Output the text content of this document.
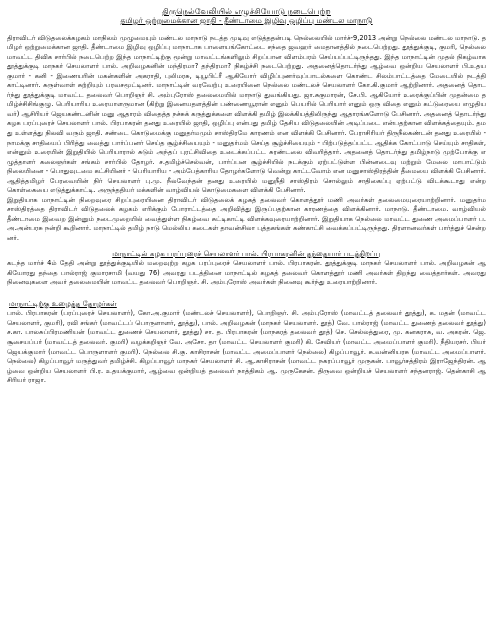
திருநெல்வேலியில் எழுச்சியோடு நடைபெற்ற
தமிழர் ஒற்றுமைக்கான ஜாதி - தீண்டாமை இழிவு ஒழிப்பு மண்டல மாநாடு

திராவிடர் விடுதலைக்கழகம் மாநிலம் முழுமையும் மண்டல மாநாடு நடத்த முடிவு எடுத்ததன்படி நெல்லையில் மார்ச்-9,2013 அன்று நெல்லை மண்டல மாநாடு. தமிழர் ஒற்றுமைக்கான ஜாதி. தீண்டாமை இழிவு ஒழிப்பு மாநாடாக பாளையங்கோட்டை சந்தை ஜவஹர் மைதானத்தில் நடைபெற்றது. தூத்துக்குடி, குமரி, நெல்லை மாவட்ட திவிக சார்பில் நடைபெற்ற இந்த மாநாட்டிற்கு மூன்று மாவட்டங்களிலும் சிறப்பான விளம்பரம் செய்யப்பட்டிருந்தது. இந்த மாநாட்டின் முதல் நிகழ்வாக தூத்துக்குடி மாநகர் செயலாளர் பால். அறிவழகனின் மந்திரமா? தந்திரமா? நிகழ்ச்சி நடைபெற்றது. அதனைத்தொடர்ந்து ஆழ்வை ஒன்றிய செயலாளர் பி.உதயகுமார் - கனி - இணையரின் மகன்களின் அகராதி, புலிமரசு, டியூபிட்ரீ ஆகியோர் விழிப்புணர்வுப்பாடல்களை கொண்ட சிலம்பாட்டத்தை மேடையில் நடத்தி காட்டினார். சுருள்வாள் சுற்றியும் பரவசமூட்டினர். மாநாட்டின் வரவேற்பு உரையினை நெல்லை மண்டலச் செயலாளர் கோ.கி.குமார் ஆற்றினார். அதனைத் தொடர்ந்து தூத்துக்குடி மாவட்ட தலைவர் பொறிஞர் சி. அம்புரோஸ் தலைமையில் மாநாடு துவங்கியது. ஜா.சுகுமாரன், சே.பி. ஆகியோர் உரைக்குப்பின் முதன்மை தமிழ்ச்சிசிங்குழு. பெரியாரிய உரையாளருமான (கிற்று இனையதளத்தின் பண்ணையூரான் எனும் பெயரில் பெரியார் எனும் ஒரு விதை எனும் கட்டுரையை எழுதியவர்) ஆசிரியர் ஜெயகண்டனின் மனு ஆதாரம் விதைத்த நச்சுக் கருத்துக்களை விளக்கி தமிழ் இலக்கியத்திலிருந்து ஆதாரங்களோடு பேசினார். அதனைத் தொடர்ந்து கழக பரப்புரைச் செயலாளர் பால். பிரபாகரன் தனது உரையில் ஜாதி, ஒழிப்பு என்பது தமிழ் தேசிய விடுதலையின் அடிப்படை என்பதற்கான விளக்கத்தையும். தமது உள்ளத்து நிலவி வரும் ஜாதி. சண்டை கொடுமைக்கு மனுதர்மமும் சாஸ்திரமே காரணம் என விளக்கி பேசினார். பேராசிரியர் திருநீலகண்டன் தனது உரையில் - நாமக்கு சாதியைப் பிரித்து வைத்து பார்ப்பனர் செய்த சூழ்ச்சியையும் - மனுதர்மம் செய்த சூழ்ச்சியையும் - பிற்படுத்தப்பட்ட ஆதிக்க கோட்பாடு செய்யும் சாதிகள், என்னும் உரையின் இறுதியில் பெரியாரால் சுடும் அந்தப் புரட்சிவிதை உடைக்கப்பட்ட சுரண்டலை விவரித்தார். அதனைத் தொடர்ந்து தமிழ்நாடு முற்போக்கு எழுத்தாளர் கலைஞர்கள் சங்கம் சார்பில் தோழர். ச.தமிழ்ச்செல்வன், பார்ப்பன சூழ்ச்சியில் நடக்கும் ஏற்பட்டுள்ள பின்னடைவு மற்றும் மேலை மாபாட்டும் நிலையினை - பொதுவுடமை கட்சியினர் - பெரியாரிய - அம்பேத்காரிய தோழர்களோடு வென்று காட்டவோம் என மனுசாஸ்திரத்தின் தீமையை விளக்கி பேசினார். ஆதித்தமிழர் பேரவையின் நிர் செயலாளர் பு.மு. நீலவேந்தன் தனது உரையில் மனுநீதி சாஸ்திரம் சொல்லும் சாதிகைப்பு ஏற்பட்டு விடக்கூடாது என்ற கொள்கையை எடுத்துக்காட்டி. அருந்ததியர் மக்களின் வாழ்வியல் கொடுமைகளை விளக்கி பேசினார்.

இறுதியாக மாநாட்டின் நிறைவுரை சிறப்புரையினை திராவிடர் விடுதலைக் கழகத் தலைவர் கொளத்தூர் மணி அவர்கள் தலைமையுரையாற்றினார். மனுதர்ம சாஸ்திரத்தை திராவிடர் விடுதலைக் கழகம் எரிக்கும் போராட்டத்தை அறிவித்து இருப்பதற்கான காரணத்தை விளக்கினார். மாநாடு. தீண்டாமை. வாழ்வியல் தீண்டாமை இவைற இன்னும் நடைமுறையில் வைத்துள்ள நிகழ்வை சுட்டிகாட்டி விளக்கவுரையாற்றினார். இறுதியாக நெல்லை மாவட்ட துணை அமைப்பாளர் ப.அ.அன்பரசு நன்றி கூறினார். மாநாட்டில் தமிழ் நாடு மெல்லிய கடைகள் தாவன்சிலா புத்தகங்கள் கண்காட்சி வைக்கப்பட்டிருந்தது. திரளானவர்கள் பார்த்துச் சென்றனர்.

மாநாட்டில் கழக பரப்புரைச் செயலாளர் பால். பிரபாகரனின் தந்தையார் படத்திறப்பு

கடந்த மார்ச் 4ம் தேதி அன்று தூத்துக்குடியில் மறைவுற்ற கழக பரப்புரைச் செயலாளர் பால். பிரபாகரன். தூத்துக்குடி மாநகர் செயலாளர் பால். அறிவழகன் ஆகியோரது தந்தை பால்ராஜ் குமாரசாமி (வயது 76) அவரது படத்தினை மாநாட்டில் கழகத் தலைவர் கொளத்தூர் மணி அவர்கள் திறந்து வைத்தார்கள். அவரது நினைவுகளை அவர் தலைமையின் மாவட்ட தலைவர் பொறிஞர். சி. அம்புரோஸ் அவர்கள் நினைவு கூர்ந்து உரையாற்றினார்.

மாநாட்டிற்கு உழைத்த தோழர்கள்

பால். பிரபாகரன் (பரப்புரைச் செயலாளர்), கோ.அ.குமார் (மண்டலச் செயலாளர்), பொறிஞர். சி. அம்புரோஸ் (மாவட்டத் தலைவர் தூத்து), க. மதன் (மாவட்ட செயலாளர், குமரி), ரவி சங்கர் (மாவட்டப் பொருளாளர், தூத்து), பால். அறிவழகன் (மாநகர் செயலாளர். தூத்) வே. பால்ராஜ் (மாவட்ட துணைத் தலைவர் தூத்து) ச.கா. பாலசுப்பிரமணியன் (மாவட்ட துணைச் செயலாளர், தூத்து) சா. த. பிரபாகரன் (மாநகரத் தலைவர் தூத்) செ. செல்லத்துரை, மு. கனகராசு, வ. அகரன். ஜெ.சூசையப்பர் (மாவட்டத் தலைவர். குமரி) வழக்கறிஞர் வே. அசோ. தா (மாவட்ட செயலாளர் குமரி) கி. சேவியர் (மாவட்ட அமைப்பாளர் குமரி). நீதியரசர். பியர் ஜெயக்குமார் (மாவட்ட பொருளாளர் குமரி). நெல்லை சி.கு. காசிராசன் (மாவட்ட அமைப்பாளர் நெல்லை) கிழப்பாவூர். சு.வன்னியரசு (மாவட்ட அமைப்பாளர். நெல்லை) கிழப்பாவூர் மருத்துவர் தமிழ்ச்சி. கிழப்பாவூர் மாநகர் செயலாளர் சி. ஆ.காசிராசன் (மாவட்ட நகரப்பாவூர் முருகன். பாவூர்சத்திரம் இராஜேந்திரன். ஆழ்வை ஒன்றிய செயலாளர் பி.ர. உதயக்குமார், ஆழ்வை ஒன்றியத் தலைவர் நாத்திகம் ஆ. முருகேசன். திருவை ஒன்றியச் செயலாளர் சந்தனராஜ். தென்காசி ஆசிரியர் ராஜா.
